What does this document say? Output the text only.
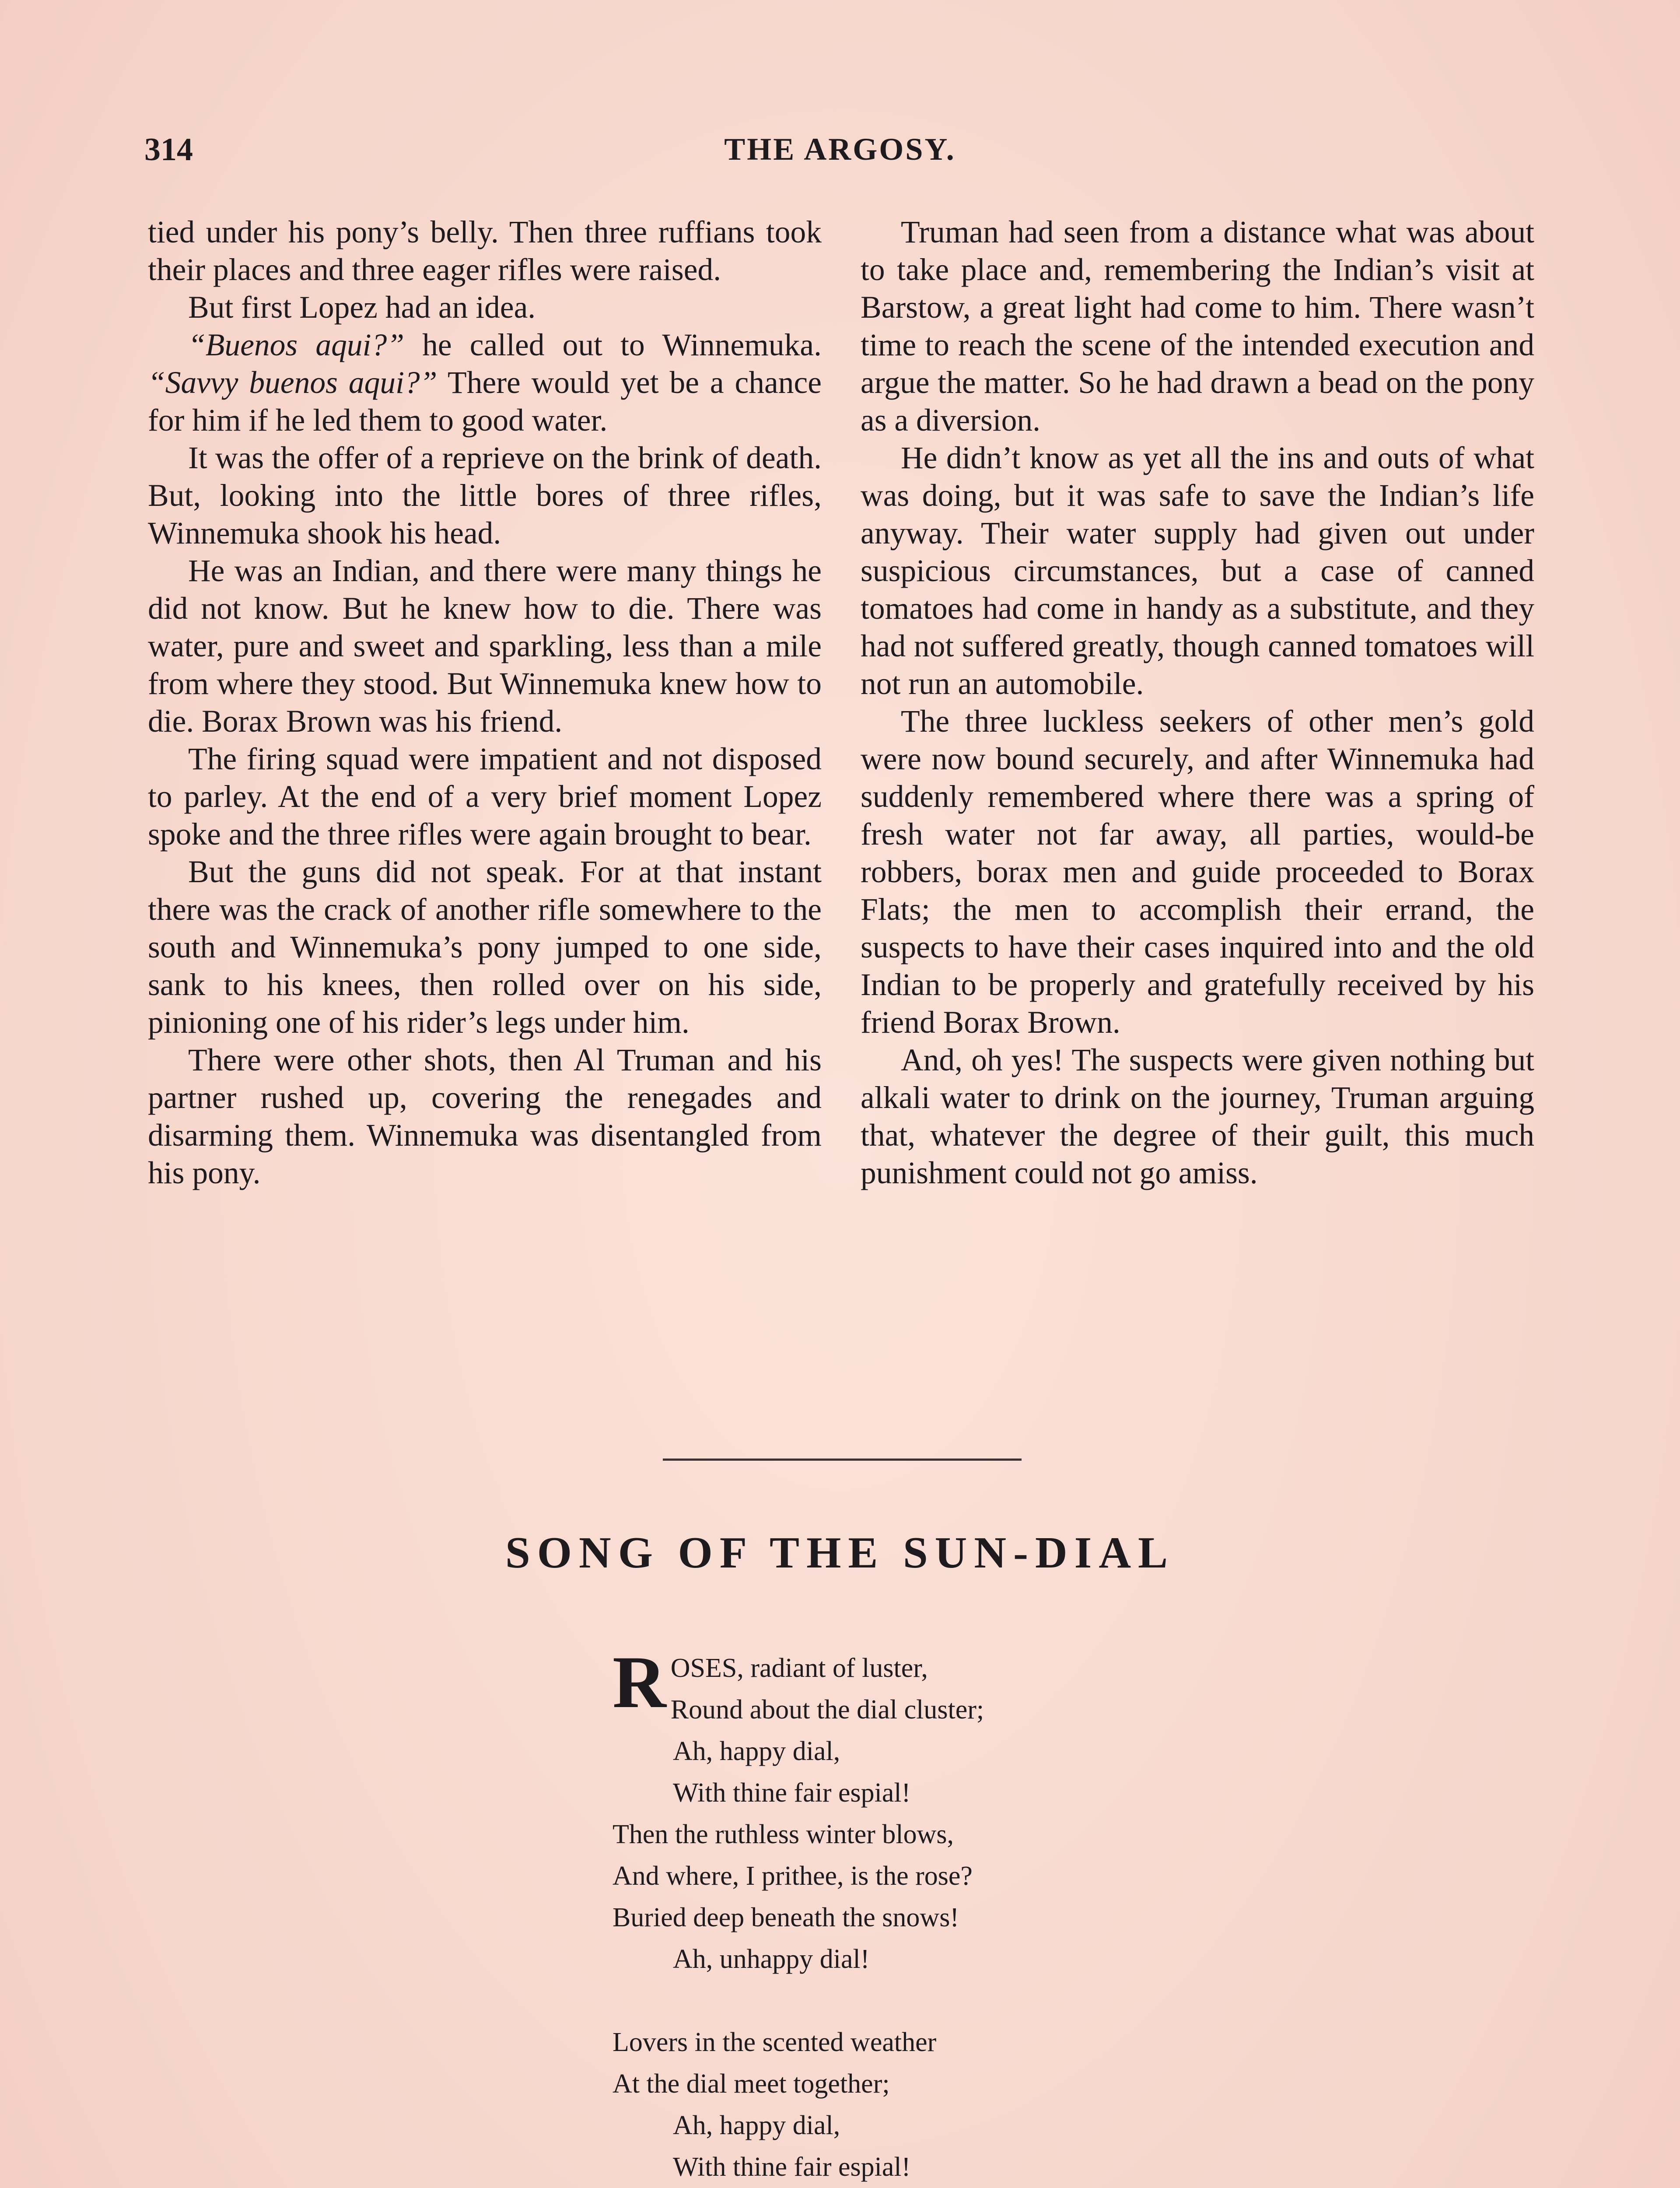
314	THE ARGOSY.

tied under his pony’s belly. Then three ruffians took their places and three eager rifles were raised.

But first Lopez had an idea.

“Buenos aqui?” he called out to Winnemuka. “Savvy buenos aqui?” There would yet be a chance for him if he led them to good water.

It was the offer of a reprieve on the brink of death. But, looking into the little bores of three rifles, Winnemuka shook his head.

He was an Indian, and there were many things he did not know. But he knew how to die. There was water, pure and sweet and sparkling, less than a mile from where they stood. But Winnemuka knew how to die. Borax Brown was his friend.

The firing squad were impatient and not disposed to parley. At the end of a very brief moment Lopez spoke and the three rifles were again brought to bear.

But the guns did not speak. For at that instant there was the crack of another rifle somewhere to the south and Winnemuka’s pony jumped to one side, sank to his knees, then rolled over on his side, pinioning one of his rider’s legs under him.

There were other shots, then Al Truman and his partner rushed up, covering the renegades and disarming them. Winnemuka was disentangled from his pony.

Truman had seen from a distance what was about to take place and, remembering the Indian’s visit at Barstow, a great light had come to him. There wasn’t time to reach the scene of the intended execution and argue the matter. So he had drawn a bead on the pony as a diversion.

He didn’t know as yet all the ins and outs of what was doing, but it was safe to save the Indian’s life anyway. Their water supply had given out under suspicious circumstances, but a case of canned tomatoes had come in handy as a substitute, and they had not suffered greatly, though canned tomatoes will not run an automobile.

The three luckless seekers of other men’s gold were now bound securely, and after Winnemuka had suddenly remembered where there was a spring of fresh water not far away, all parties, would-be robbers, borax men and guide proceeded to Borax Flats; the men to accomplish their errand, the suspects to have their cases inquired into and the old Indian to be properly and gratefully received by his friend Borax Brown.

And, oh yes! The suspects were given nothing but alkali water to drink on the journey, Truman arguing that, whatever the degree of their guilt, this much punishment could not go amiss.

SONG OF THE SUN-DIAL
R OSES, radiant of luster,
Round about the dial cluster;
Ah, happy dial,
With thine fair espial!
Then the ruthless winter blows,
And where, I prithee, is the rose?
Buried deep beneath the snows!
Ah, unhappy dial!
Lovers in the scented weather
At the dial meet together;
Ah, happy dial,
With thine fair espial!
